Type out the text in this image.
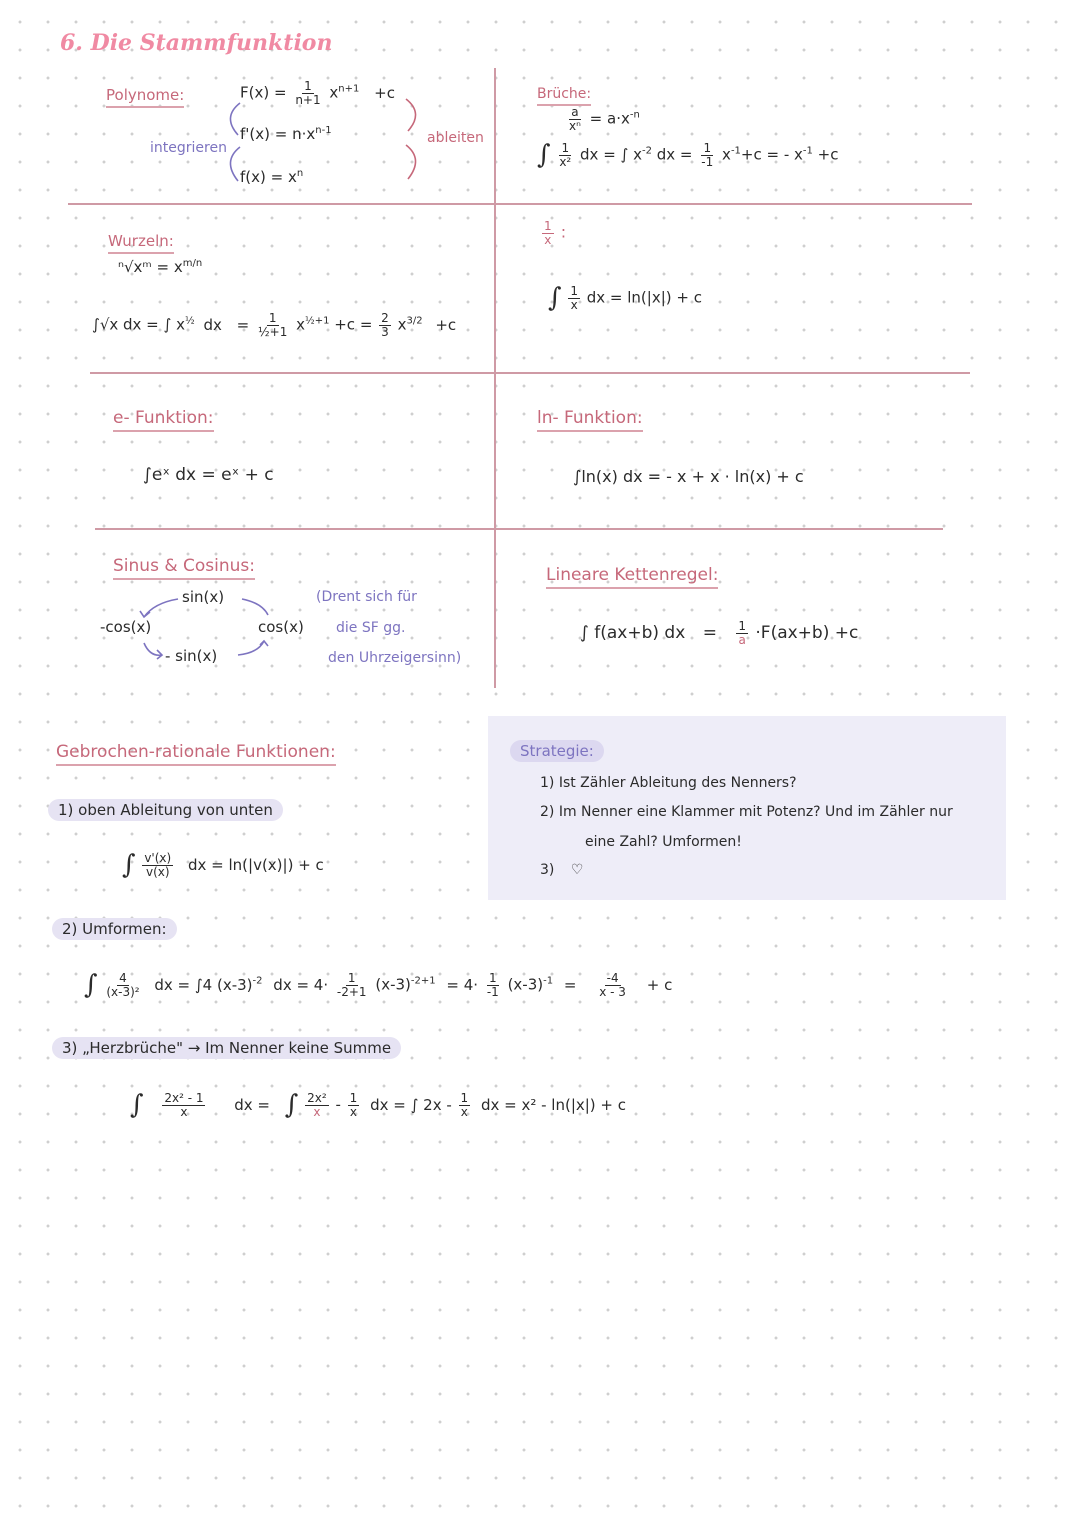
6. Die Stammfunktion
Polynome:	$F(x) = \frac{1}{n+1} x^{n+1} +c$
$f'(x) = n\cdot x^{n-1}$
$f(x) = x^n$
integrieren
ableiten
Brüche:
$\frac{a}{\text{xⁿ}} = a\cdot x^{-n}$
∫ $\frac{1}{\text{x²}}$ dx = ∫ $x^{-2}$ dx = $\frac{1}{-1} x^{-1}+c$ = - $x^{-1} +c$
Wurzeln:
ⁿ√xᵐ = $x^{m/n}$
∫√x dx = ∫ $x^{\frac{1}{2}}$ dx = $\frac{1}{\text{½+1}} x^{\frac{1}{2}+1} +c = \frac{2}{3} x^{3/2} +c$
$\frac{1}{x}$ :
∫ $\frac{1}{x}$ dx = ln(|x|) + c
e- Funktion:
∫eˣ dx = eˣ + c
ln- Funktion:
∫ln(x) dx = - x + x · ln(x) + c
Sinus & Cosinus:
sin(x)
-cos(x)	cos(x)
- sin(x)
(Drent sich für
die SF gg.
den Uhrzeigersinn)
Lineare Kettenregel:
∫ f(ax+b) dx = $\frac{1}{a} \cdot F(ax+b) +c$
Strategie:
1) Ist Zähler Ableitung des Nenners?
2) Im Nenner eine Klammer mit Potenz? Und im Zähler nur
eine Zahl? Umformen!
3) ♡
Gebrochen-rationale Funktionen:
1) oben Ableitung von unten
∫ $\frac{v'(x)}{v(x)}$ dx = ln(|v(x)|) + c
2) Umformen:
∫ $\frac{4}{\text{(x-3)²}}$ dx = ∫4 $(x-3)^{-2}$ dx = $4\cdot \frac{1}{-2+1} (x-3)^{-2+1} = 4\cdot \frac{1}{-1} (x-3)^{-1} = \frac{-4}{x - 3} + c$
3) „Herzbrüche" → Im Nenner keine Summe
∫ $\frac{\text{2x² - 1}}{x}$ dx = ∫ $\frac{\text{2x²}}{x} - \frac{1}{x}$ dx = ∫ $2x - \frac{1}{x}$ dx = x² - ln(|x|) + c
